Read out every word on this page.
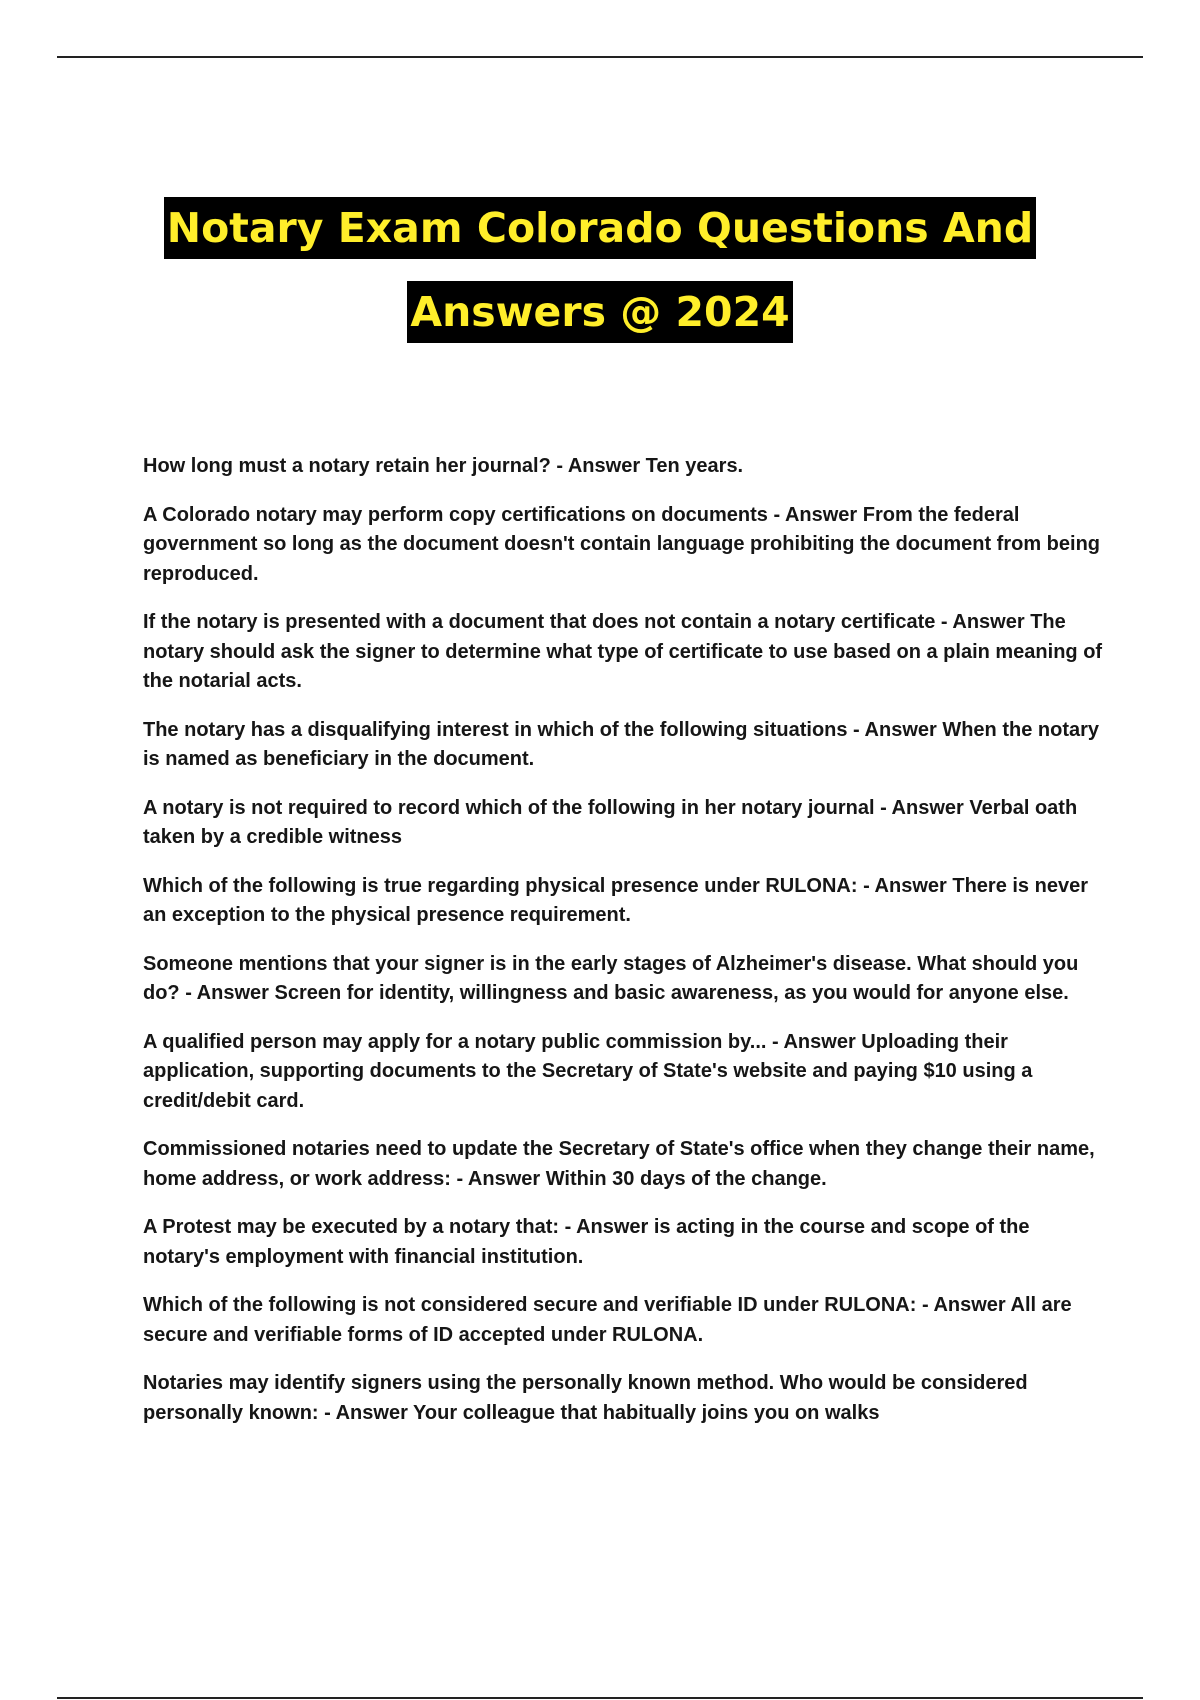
Notary Exam Colorado Questions And
Answers @ 2024
How long must a notary retain her journal? - Answer Ten years.
A Colorado notary may perform copy certifications on documents - Answer From the federal government so long as the document doesn't contain language prohibiting the document from being reproduced.
If the notary is presented with a document that does not contain a notary certificate - Answer The notary should ask the signer to determine what type of certificate to use based on a plain meaning of the notarial acts.
The notary has a disqualifying interest in which of the following situations - Answer When the notary is named as beneficiary in the document.
A notary is not required to record which of the following in her notary journal - Answer Verbal oath taken by a credible witness
Which of the following is true regarding physical presence under RULONA: - Answer There is never an exception to the physical presence requirement.
Someone mentions that your signer is in the early stages of Alzheimer's disease. What should you do? - Answer Screen for identity, willingness and basic awareness, as you would for anyone else.
A qualified person may apply for a notary public commission by... - Answer Uploading their application, supporting documents to the Secretary of State's website and paying $10 using a credit/debit card.
Commissioned notaries need to update the Secretary of State's office when they change their name, home address, or work address: - Answer Within 30 days of the change.
A Protest may be executed by a notary that: - Answer is acting in the course and scope of the notary's employment with financial institution.
Which of the following is not considered secure and verifiable ID under RULONA: - Answer All are secure and verifiable forms of ID accepted under RULONA.
Notaries may identify signers using the personally known method. Who would be considered personally known: - Answer Your colleague that habitually joins you on walks
